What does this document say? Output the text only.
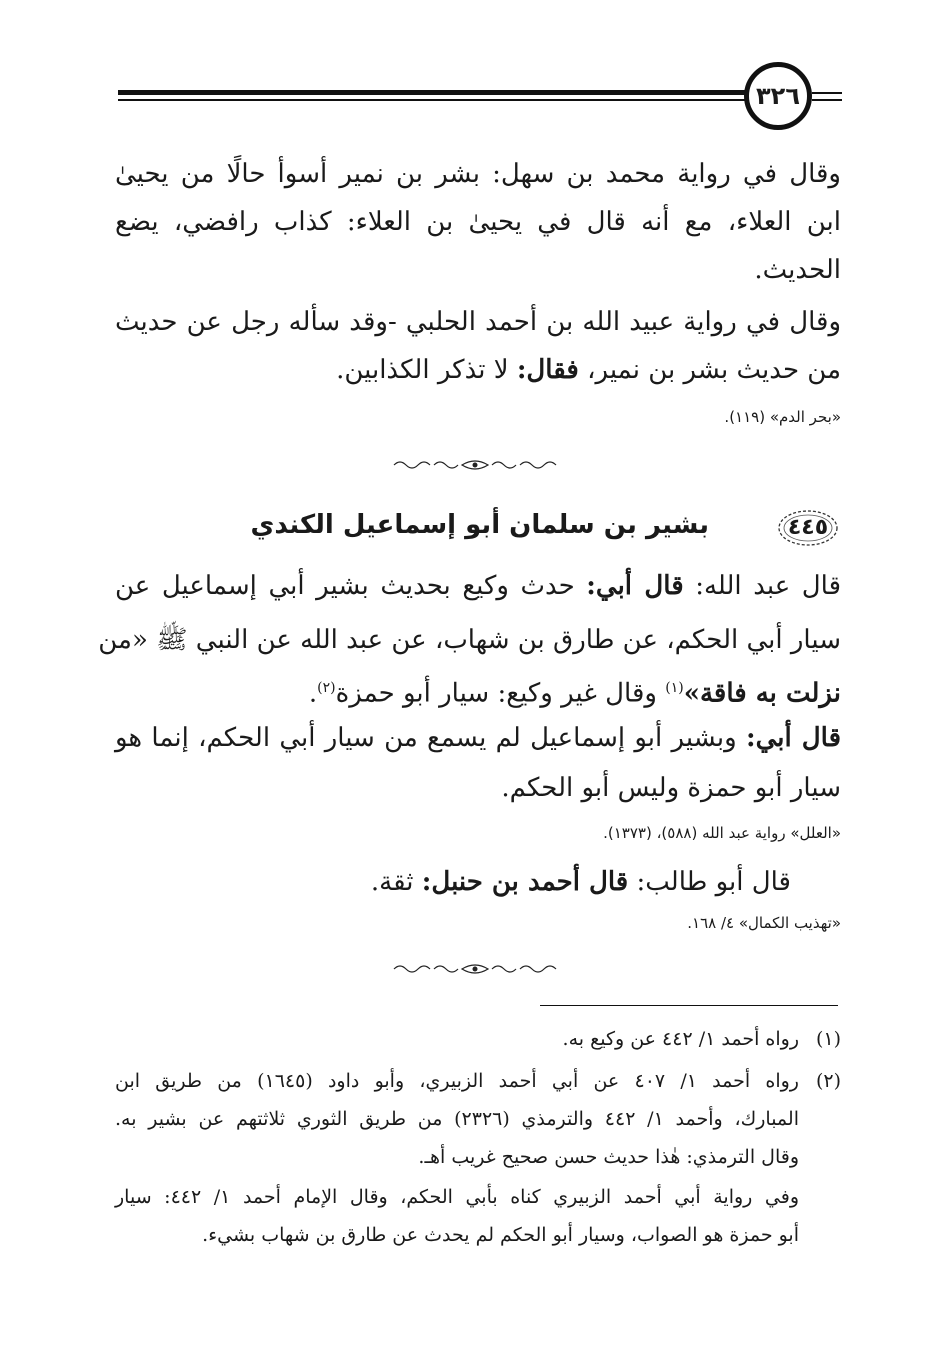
٣٢٦
وقال في رواية محمد بن سهل: بشر بن نمير أسوأ حالًا من يحيىٰ
ابن العلاء، مع أنه قال في يحيىٰ بن العلاء: كذاب رافضي، يضع
الحديث.
وقال في رواية عبيد الله بن أحمد الحلبي -وقد سأله رجل عن حديث
من حديث بشر بن نمير، فقال: لا تذكر الكذابين.
«بحر الدم» (١١٩).
٤٤٥
بشير بن سلمان أبو إسماعيل الكندي
قال عبد الله: قال أبي: حدث وكيع بحديث بشير أبي إسماعيل عن
سيار أبي الحكم، عن طارق بن شهاب، عن عبد الله عن النبي ﷺ «من
نزلت به فاقة»$^{(١)}$ وقال غير وكيع: سيار أبو حمزة$^{(٢)}$.
قال أبي: وبشير أبو إسماعيل لم يسمع من سيار أبي الحكم، إنما هو
سيار أبو حمزة وليس أبو الحكم.
«العلل» رواية عبد الله (٥٨٨)، (١٣٧٣).
قال أبو طالب: قال أحمد بن حنبل: ثقة.
«تهذيب الكمال» ٤/ ١٦٨.
(١)
رواه أحمد ١/ ٤٤٢ عن وكيع به.
(٢)
رواه أحمد ١/ ٤٠٧ عن أبي أحمد الزبيري، وأبو داود (١٦٤٥) من طريق ابن
المبارك، وأحمد ١/ ٤٤٢ والترمذي (٢٣٢٦) من طريق الثوري ثلاثتهم عن بشير به.
وقال الترمذي: هٰذا حديث حسن صحيح غريب أهـ.
وفي رواية أبي أحمد الزبيري كناه بأبي الحكم، وقال الإمام أحمد ١/ ٤٤٢: سيار
أبو حمزة هو الصواب، وسيار أبو الحكم لم يحدث عن طارق بن شهاب بشيء.
